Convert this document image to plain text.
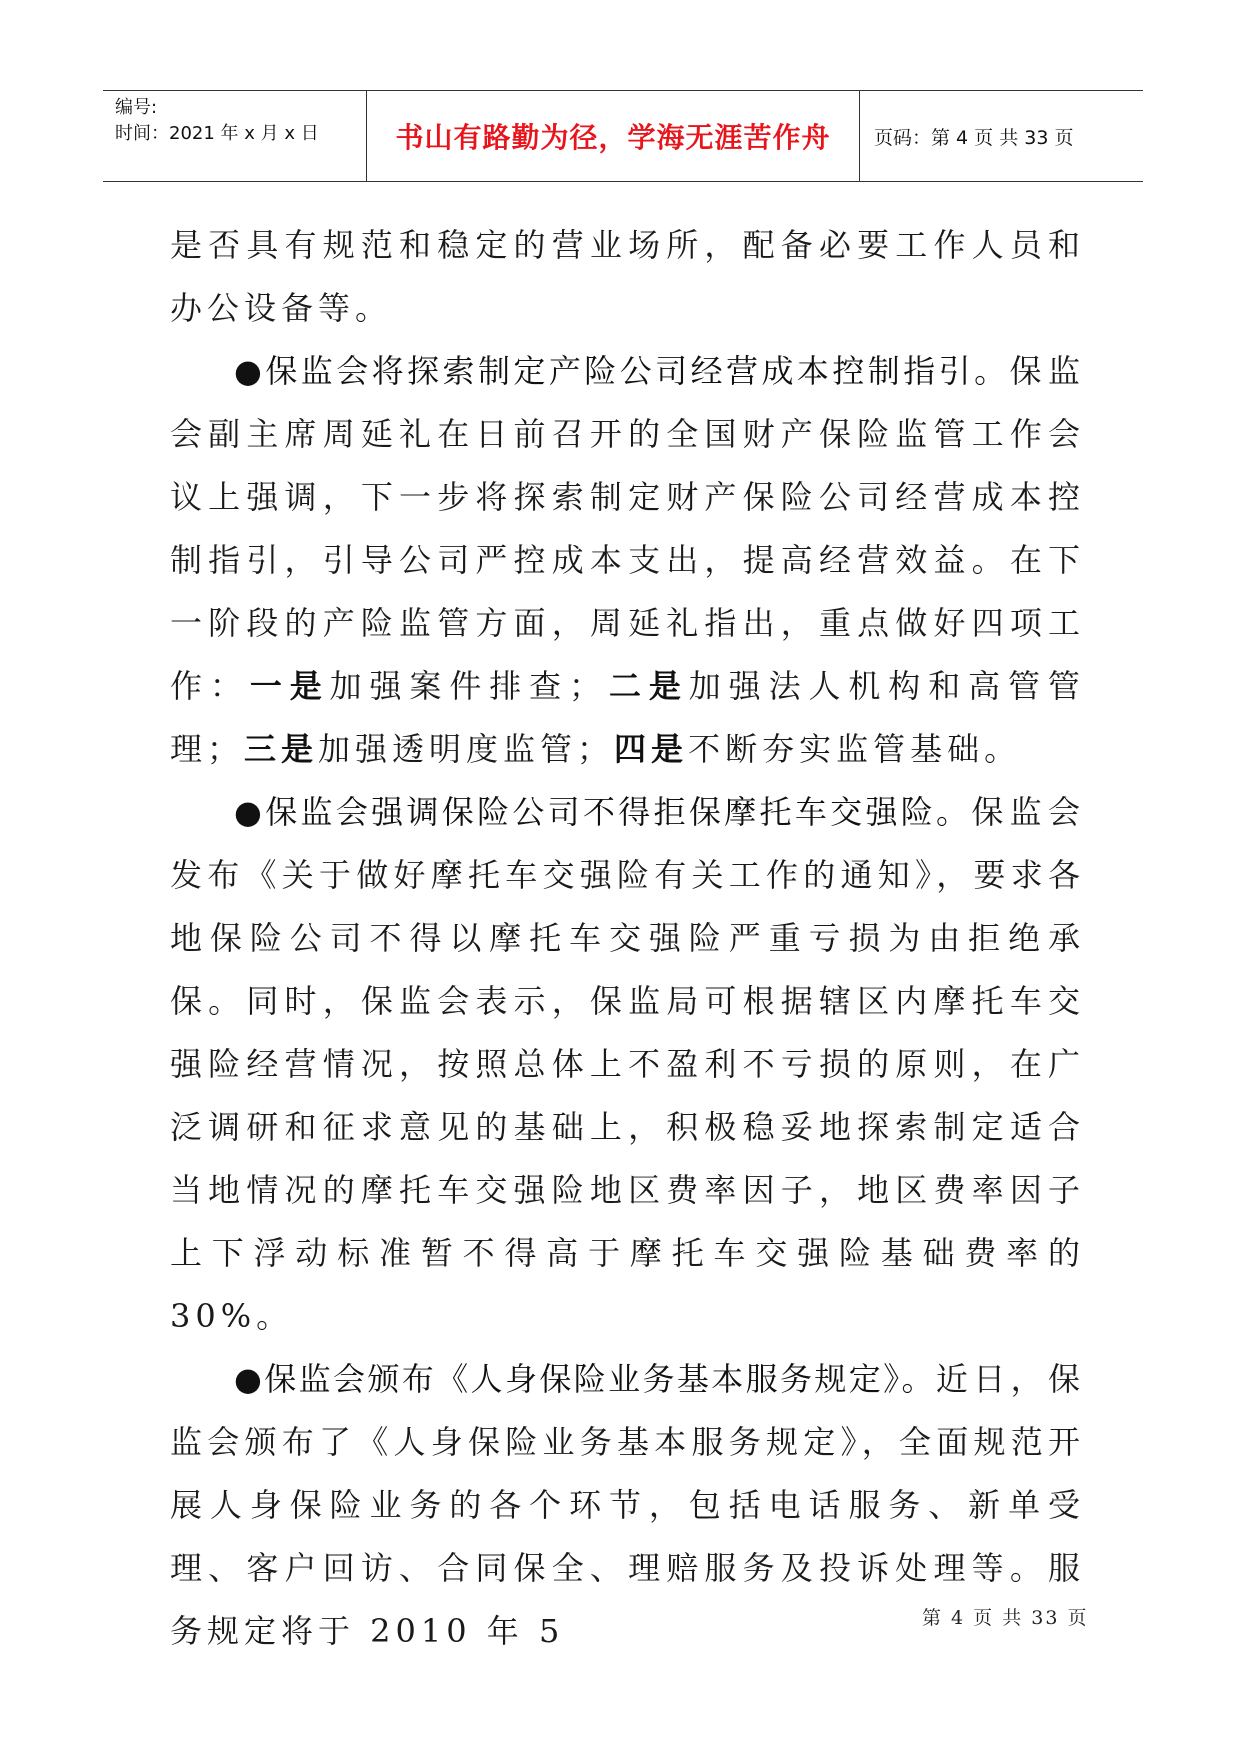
编号:
时间：2021 年 x 月 x 日	书山有路勤为径，学海无涯苦作舟	页码：第 4 页 共 33 页

是否具有规范和稳定的营业场所，配备必要工作人员和办公设备等。

●保监会将探索制定产险公司经营成本控制指引。保监会副主席周延礼在日前召开的全国财产保险监管工作会议上强调，下一步将探索制定财产保险公司经营成本控制指引，引导公司严控成本支出，提高经营效益。在下一阶段的产险监管方面，周延礼指出，重点做好四项工作：一是加强案件排查；二是加强法人机构和高管管理；三是加强透明度监管；四是不断夯实监管基础。

●保监会强调保险公司不得拒保摩托车交强险。保监会发布《关于做好摩托车交强险有关工作的通知》，要求各地保险公司不得以摩托车交强险严重亏损为由拒绝承保。同时，保监会表示，保监局可根据辖区内摩托车交强险经营情况，按照总体上不盈利不亏损的原则，在广泛调研和征求意见的基础上，积极稳妥地探索制定适合当地情况的摩托车交强险地区费率因子，地区费率因子上下浮动标准暂不得高于摩托车交强险基础费率的 30%。

●保监会颁布《人身保险业务基本服务规定》。近日，保监会颁布了《人身保险业务基本服务规定》，全面规范开展人身保险业务的各个环节，包括电话服务、新单受理、客户回访、合同保全、理赔服务及投诉处理等。服务规定将于 2010 年 5	第 4 页 共 33 页
